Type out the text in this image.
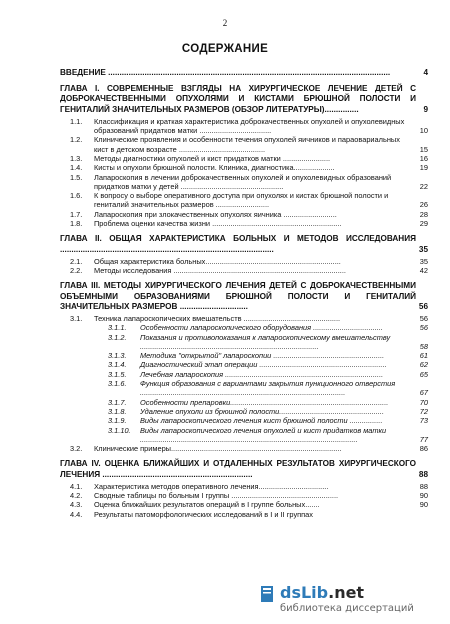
2
СОДЕРЖАНИЕ
ВВЕДЕНИЕ ............................................................................................................................	4
ГЛАВА I. СОВРЕМЕННЫЕ ВЗГЛЯДЫ НА ХИРУРГИЧЕСКОЕ ЛЕЧЕНИЕ ДЕТЕЙ С ДОБРОКАЧЕСТВЕННЫМИ ОПУХОЛЯМИ И КИСТАМИ БРЮШНОЙ ПОЛОСТИ И ГЕНИТАЛИЙ ЗНАЧИТЕЛЬНЫХ РАЗМЕРОВ (ОБЗОР ЛИТЕРАТУРЫ)...............	9
1.1. Классификация и краткая характеристика доброкачественных опухолей и опухолевидных образований придатков матки ...................................	10
1.2. Клинические проявления и особенности течения опухолей яичников и параовариальных кист в детском возрасте ..........................................	15
1.3. Методы диагностики опухолей и кист придатков матки .......................	16
1.4. Кисты и опухоли брюшной полости. Клиника, диагностика....................	19
1.5. Лапароскопия в лечении доброкачественных опухолей и опухолевидных образований придатков матки у детей ..................................................	22
1.6. К вопросу о выборе оперативного доступа при опухолях и кистах брюшной полости и гениталий значительных размеров ..........................	26
1.7. Лапароскопия при злокачественных опухолях яичника ..........................	28
1.8. Проблема оценки качества жизни ...............................................................	29
ГЛАВА II. ОБЩАЯ ХАРАКТЕРИСТИКА БОЛЬНЫХ И МЕТОДОВ ИССЛЕДОВАНИЯ ..............................................................................................	35
2.1. Общая характеристика больных..................................................................	35
2.2. Методы исследования ....................................................................................	42
ГЛАВА III. МЕТОДЫ ХИРУРГИЧЕСКОГО ЛЕЧЕНИЯ ДЕТЕЙ С ДОБРОКАЧЕСТВЕННЫМИ ОБЪЕМНЫМИ ОБРАЗОВАНИЯМИ БРЮШНОЙ ПОЛОСТИ И ГЕНИТАЛИЙ ЗНАЧИТЕЛЬНЫХ РАЗМЕРОВ ..............................	56
3.1. Техника лапароскопических вмешательств ...............................................	56
3.1.1. Особенности лапароскопического оборудования ..................................	56
3.1.2. Показания и противопоказания к лапароскопическому вмешательству .......................................................................................	58
3.1.3. Методика "открытой" лапароскопии ......................................................	61
3.1.4. Диагностический этап операции ..............................................................	62
3.1.5. Лечебная лапароскопия .............................................................................	65
3.1.6. Функция образования с вариантами закрытия пункционного отверстия ....................................................................................................	67
3.1.7. Особенности препаровки.............................................................................	70
3.1.8. Удаление опухоли из брюшной полости...................................................	72
3.1.9. Виды лапароскопического лечения кист брюшной полости ................	73
3.1.10. Виды лапароскопического лечения опухолей и кист придатков матки ..........................................................................................................	77
3.2. Клинические примеры...................................................................................	86
ГЛАВА IV. ОЦЕНКА БЛИЖАЙШИХ И ОТДАЛЕННЫХ РЕЗУЛЬТАТОВ ХИРУРГИЧЕСКОГО ЛЕЧЕНИЯ ..................................................................	88
4.1. Характеристика методов оперативного лечения..................................	88
4.2. Сводные таблицы по больным I группы ....................................................	90
4.3. Оценка ближайших результатов операций в I группе больных.......	90
4.4. Результаты патоморфологических исследований в I и II группах
dsLib.net
библиотека диссертаций
